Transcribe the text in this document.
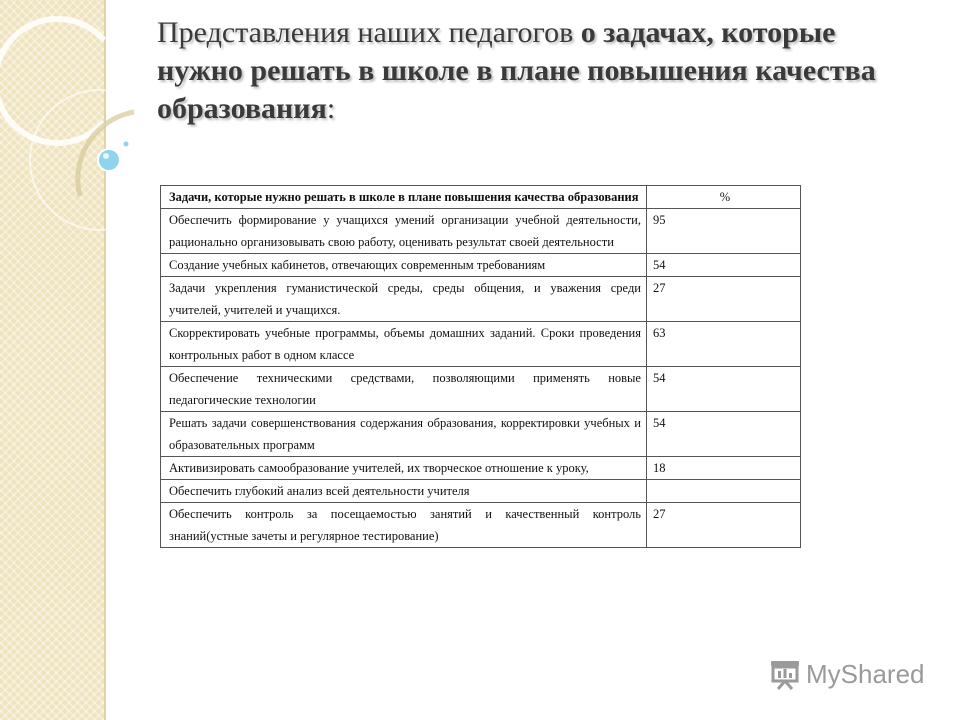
Представления наших педагогов о задачах, которые нужно решать в школе в плане повышения качества образования:
Задачи, которые нужно решать в школе в плане повышения качества образования	%
Обеспечить формирование у учащихся умений организации учебной деятельности, рационально организовывать свою работу, оценивать результат своей деятельности	95
Создание учебных кабинетов, отвечающих современным требованиям	54
Задачи укрепления гуманистической среды, среды общения, и уважения среди учителей, учителей и учащихся.	27
Скорректировать учебные программы, объемы домашних заданий. Сроки проведения контрольных работ в одном классе	63
Обеспечение техническими средствами, позволяющими применять новые педагогические технологии	54
Решать задачи совершенствования содержания образования, корректировки учебных и образовательных программ	54
Активизировать самообразование учителей, их творческое отношение к уроку,	18
Обеспечить глубокий анализ всей деятельности учителя	
Обеспечить контроль за посещаемостью занятий и качественный контроль знаний(устные зачеты и регулярное тестирование)	27
MyShared
